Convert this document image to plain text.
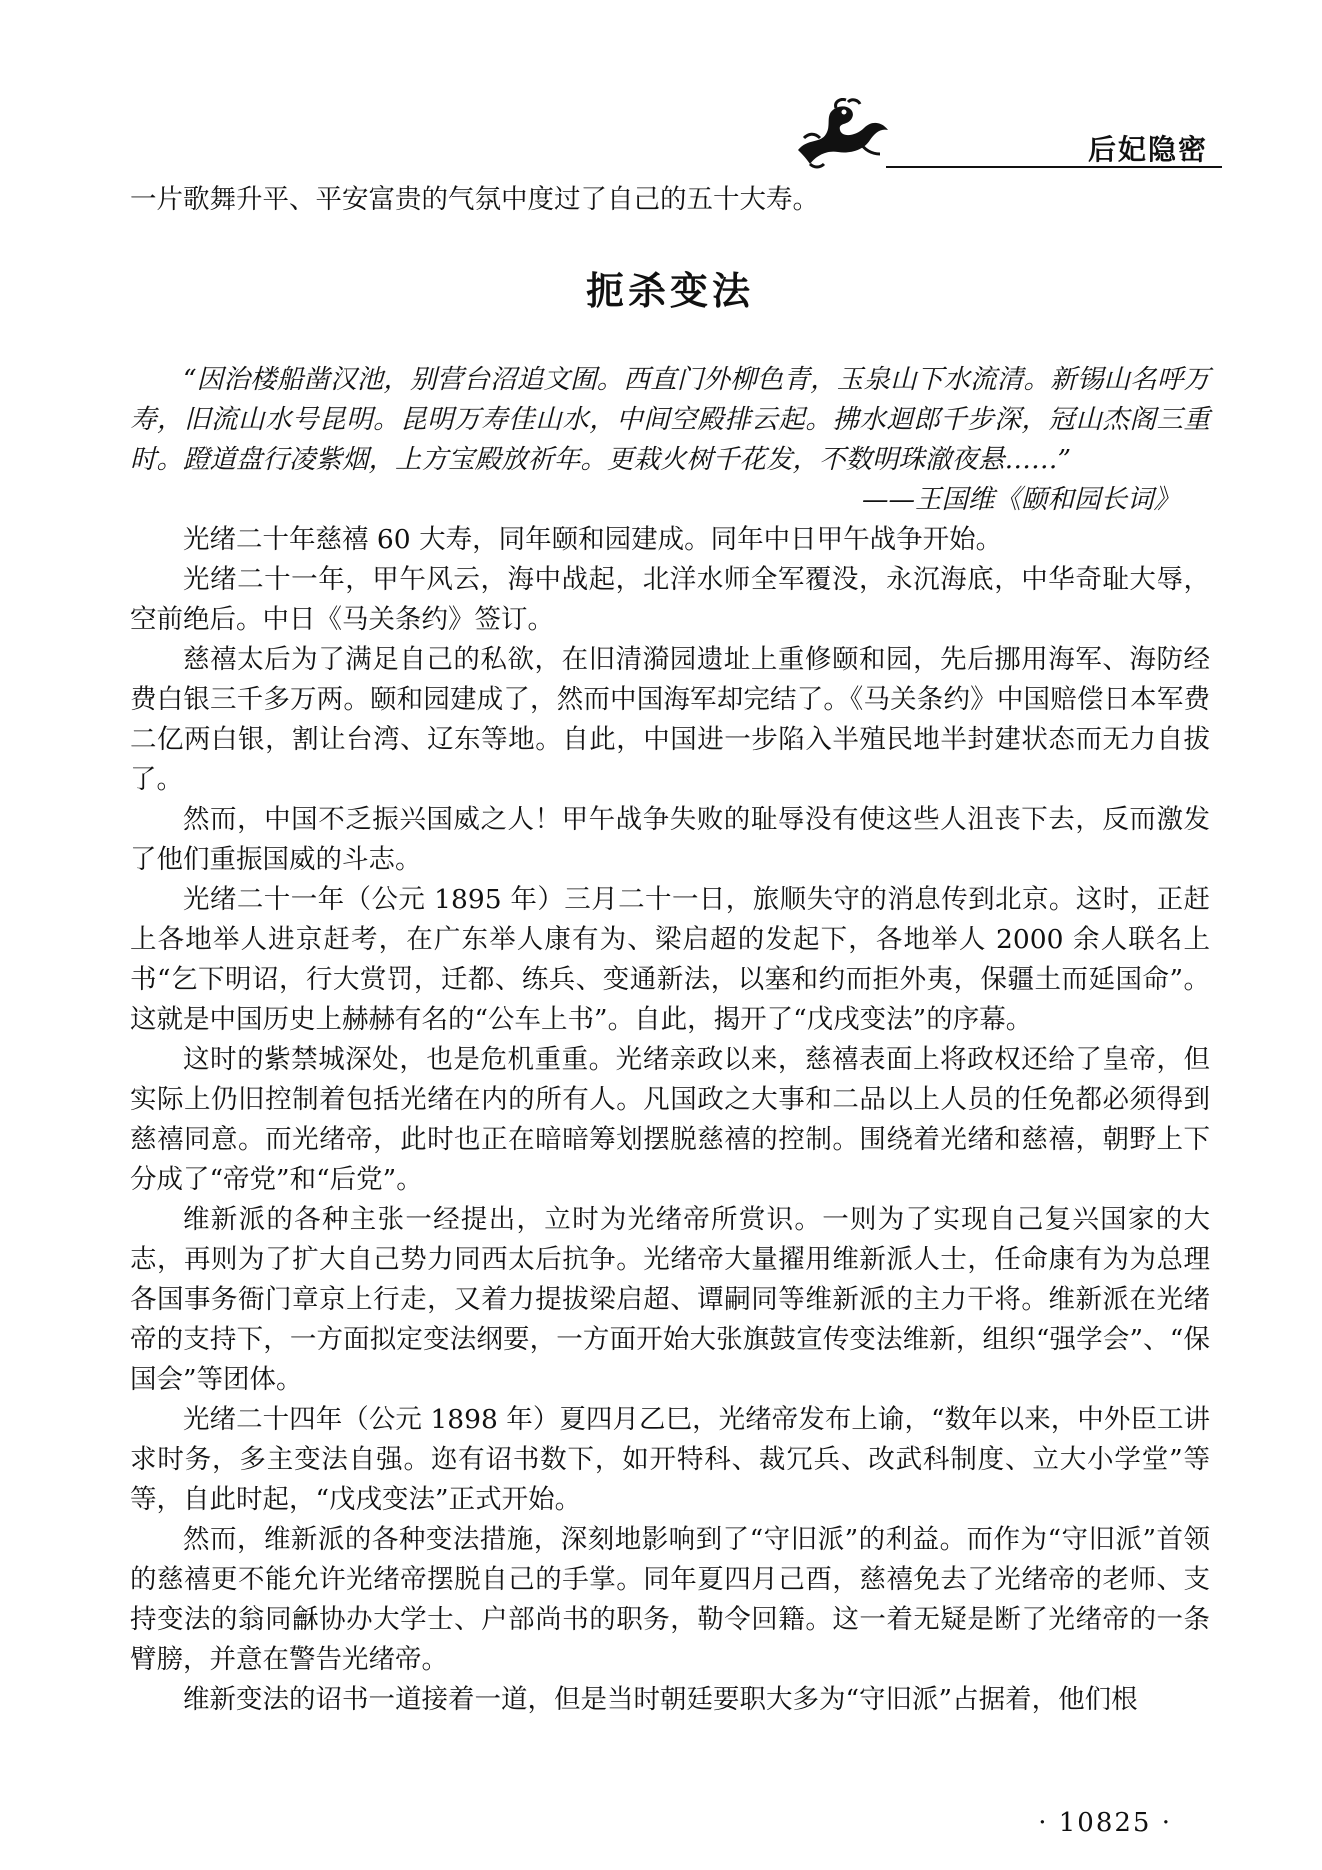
后妃隐密

一片歌舞升平、平安富贵的气氛中度过了自己的五十大寿。

扼杀变法

“因治楼船凿汉池，别营台沼追文囿。西直门外柳色青，玉泉山下水流清。新锡山名呼万寿，旧流山水号昆明。昆明万寿佳山水，中间空殿排云起。拂水迴郎千步深，冠山杰阁三重时。蹬道盘行凌紫烟，上方宝殿放祈年。更栽火树千花发，不数明珠澈夜悬……”

——王国维《颐和园长词》

光绪二十年慈禧 60 大寿，同年颐和园建成。同年中日甲午战争开始。

光绪二十一年，甲午风云，海中战起，北洋水师全军覆没，永沉海底，中华奇耻大辱，空前绝后。中日《马关条约》签订。

慈禧太后为了满足自己的私欲，在旧清漪园遗址上重修颐和园，先后挪用海军、海防经费白银三千多万两。颐和园建成了，然而中国海军却完结了。《马关条约》中国赔偿日本军费二亿两白银，割让台湾、辽东等地。自此，中国进一步陷入半殖民地半封建状态而无力自拔了。

然而，中国不乏振兴国威之人！甲午战争失败的耻辱没有使这些人沮丧下去，反而激发了他们重振国威的斗志。

光绪二十一年（公元 1895 年）三月二十一日，旅顺失守的消息传到北京。这时，正赶上各地举人进京赶考，在广东举人康有为、梁启超的发起下，各地举人 2000 余人联名上书“乞下明诏，行大赏罚，迁都、练兵、变通新法，以塞和约而拒外夷，保疆土而延国命”。这就是中国历史上赫赫有名的“公车上书”。自此，揭开了“戊戌变法”的序幕。

这时的紫禁城深处，也是危机重重。光绪亲政以来，慈禧表面上将政权还给了皇帝，但实际上仍旧控制着包括光绪在内的所有人。凡国政之大事和二品以上人员的任免都必须得到慈禧同意。而光绪帝，此时也正在暗暗筹划摆脱慈禧的控制。围绕着光绪和慈禧，朝野上下分成了“帝党”和“后党”。

维新派的各种主张一经提出，立时为光绪帝所赏识。一则为了实现自己复兴国家的大志，再则为了扩大自己势力同西太后抗争。光绪帝大量擢用维新派人士，任命康有为为总理各国事务衙门章京上行走，又着力提拔梁启超、谭嗣同等维新派的主力干将。维新派在光绪帝的支持下，一方面拟定变法纲要，一方面开始大张旗鼓宣传变法维新，组织“强学会”、“保国会”等团体。

光绪二十四年（公元 1898 年）夏四月乙巳，光绪帝发布上谕，“数年以来，中外臣工讲求时务，多主变法自强。迩有诏书数下，如开特科、裁冗兵、改武科制度、立大小学堂”等等，自此时起，“戊戌变法”正式开始。

然而，维新派的各种变法措施，深刻地影响到了“守旧派”的利益。而作为“守旧派”首领的慈禧更不能允许光绪帝摆脱自己的手掌。同年夏四月己酉，慈禧免去了光绪帝的老师、支持变法的翁同龢协办大学士、户部尚书的职务，勒令回籍。这一着无疑是断了光绪帝的一条臂膀，并意在警告光绪帝。

维新变法的诏书一道接着一道，但是当时朝廷要职大多为“守旧派”占据着，他们根

· 10825 ·
